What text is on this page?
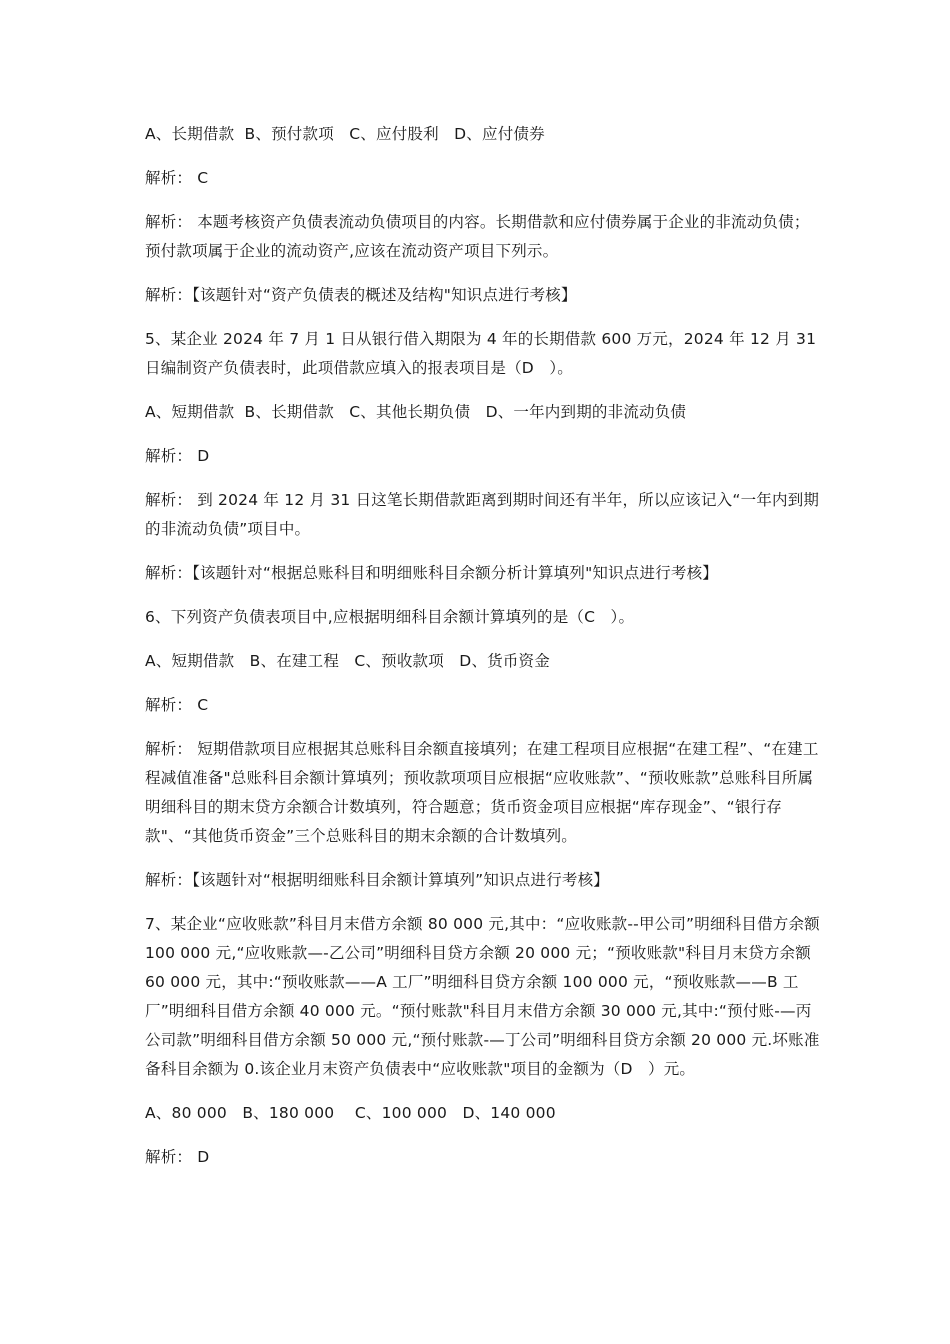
A、长期借款  B、预付款项   C、应付股利   D、应付债券

解析： C

解析： 本题考核资产负债表流动负债项目的内容。长期借款和应付债券属于企业的非流动负债；预付款项属于企业的流动资产,应该在流动资产项目下列示。

解析：【该题针对“资产负债表的概述及结构"知识点进行考核】

5、某企业 2024 年 7 月 1 日从银行借入期限为 4 年的长期借款 600 万元，2024 年 12 月 31 日编制资产负债表时，此项借款应填入的报表项目是（D   ）。

A、短期借款  B、长期借款   C、其他长期负债   D、一年内到期的非流动负债

解析： D

解析： 到 2024 年 12 月 31 日这笔长期借款距离到期时间还有半年，所以应该记入“一年内到期的非流动负债”项目中。

解析：【该题针对“根据总账科目和明细账科目余额分析计算填列"知识点进行考核】

6、下列资产负债表项目中,应根据明细科目余额计算填列的是（C   ）。

A、短期借款   B、在建工程   C、预收款项   D、货币资金

解析： C

解析： 短期借款项目应根据其总账科目余额直接填列；在建工程项目应根据“在建工程”、“在建工程减值准备"总账科目余额计算填列；预收款项项目应根据“应收账款”、“预收账款”总账科目所属明细科目的期末贷方余额合计数填列，符合题意；货币资金项目应根据“库存现金”、“银行存款"、“其他货币资金”三个总账科目的期末余额的合计数填列。

解析：【该题针对“根据明细账科目余额计算填列”知识点进行考核】

7、某企业“应收账款”科目月末借方余额 80 000 元,其中：“应收账款--甲公司”明细科目借方余额 100 000 元,“应收账款—-乙公司”明细科目贷方余额 20 000 元；“预收账款"科目月末贷方余额 60 000 元，其中:“预收账款——A 工厂”明细科目贷方余额 100 000 元，“预收账款——B 工厂”明细科目借方余额 40 000 元。“预付账款"科目月末借方余额 30 000 元,其中:“预付账-—丙公司款”明细科目借方余额 50 000 元,“预付账款-—丁公司”明细科目贷方余额 20 000 元.坏账准备科目余额为 0.该企业月末资产负债表中“应收账款"项目的金额为（D   ）元。

A、80 000   B、180 000    C、100 000   D、140 000

解析： D
